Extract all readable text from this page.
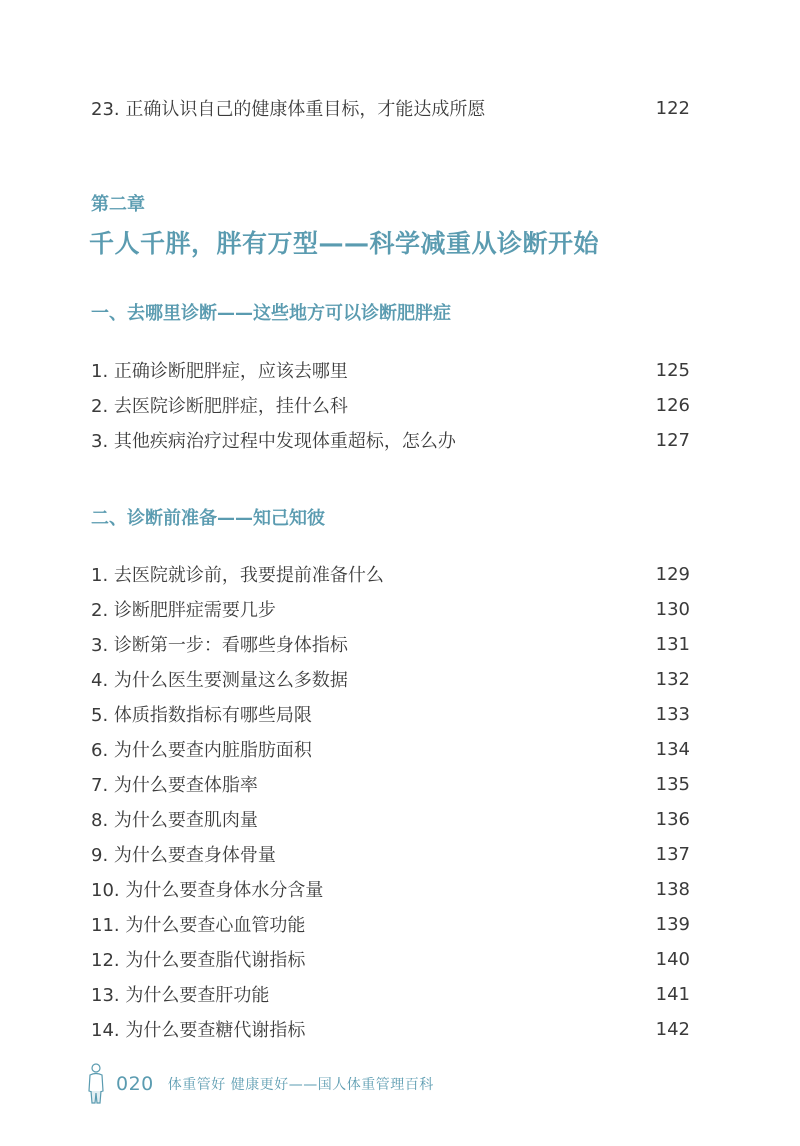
23. 正确认识自己的健康体重目标，才能达成所愿	122
第二章
千人千胖，胖有万型——科学减重从诊断开始
一、去哪里诊断——这些地方可以诊断肥胖症
1. 正确诊断肥胖症，应该去哪里	125
2. 去医院诊断肥胖症，挂什么科	126
3. 其他疾病治疗过程中发现体重超标，怎么办	127
二、诊断前准备——知己知彼
1. 去医院就诊前，我要提前准备什么	129
2. 诊断肥胖症需要几步	130
3. 诊断第一步：看哪些身体指标	131
4. 为什么医生要测量这么多数据	132
5. 体质指数指标有哪些局限	133
6. 为什么要查内脏脂肪面积	134
7. 为什么要查体脂率	135
8. 为什么要查肌肉量	136
9. 为什么要查身体骨量	137
10. 为什么要查身体水分含量	138
11. 为什么要查心血管功能	139
12. 为什么要查脂代谢指标	140
13. 为什么要查肝功能	141
14. 为什么要查糖代谢指标	142
020 体重管好 健康更好——国人体重管理百科
